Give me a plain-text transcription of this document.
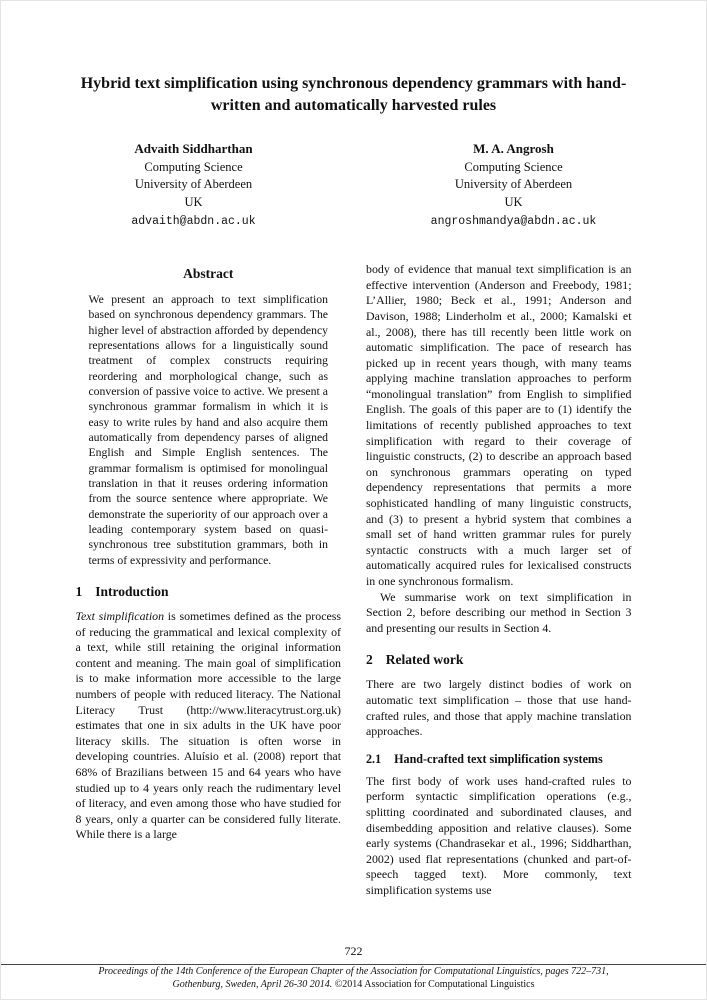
Hybrid text simplification using synchronous dependency grammars with hand-written and automatically harvested rules
Advaith Siddharthan
Computing Science
University of Aberdeen
UK
advaith@abdn.ac.uk
M. A. Angrosh
Computing Science
University of Aberdeen
UK
angroshmandya@abdn.ac.uk
Abstract

We present an approach to text simplification based on synchronous dependency grammars. The higher level of abstraction afforded by dependency representations allows for a linguistically sound treatment of complex constructs requiring reordering and morphological change, such as conversion of passive voice to active. We present a synchronous grammar formalism in which it is easy to write rules by hand and also acquire them automatically from dependency parses of aligned English and Simple English sentences. The grammar formalism is optimised for monolingual translation in that it reuses ordering information from the source sentence where appropriate. We demonstrate the superiority of our approach over a leading contemporary system based on quasi-synchronous tree substitution grammars, both in terms of expressivity and performance.

1 Introduction

Text simplification is sometimes defined as the process of reducing the grammatical and lexical complexity of a text, while still retaining the original information content and meaning. The main goal of simplification is to make information more accessible to the large numbers of people with reduced literacy. The National Literacy Trust (http://www.literacytrust.org.uk) estimates that one in six adults in the UK have poor literacy skills. The situation is often worse in developing countries. Aluísio et al. (2008) report that 68% of Brazilians between 15 and 64 years who have studied up to 4 years only reach the rudimentary level of literacy, and even among those who have studied for 8 years, only a quarter can be considered fully literate. While there is a large

body of evidence that manual text simplification is an effective intervention (Anderson and Freebody, 1981; L’Allier, 1980; Beck et al., 1991; Anderson and Davison, 1988; Linderholm et al., 2000; Kamalski et al., 2008), there has till recently been little work on automatic simplification. The pace of research has picked up in recent years though, with many teams applying machine translation approaches to perform “monolingual translation” from English to simplified English. The goals of this paper are to (1) identify the limitations of recently published approaches to text simplification with regard to their coverage of linguistic constructs, (2) to describe an approach based on synchronous grammars operating on typed dependency representations that permits a more sophisticated handling of many linguistic constructs, and (3) to present a hybrid system that combines a small set of hand written grammar rules for purely syntactic constructs with a much larger set of automatically acquired rules for lexicalised constructs in one synchronous formalism.

We summarise work on text simplification in Section 2, before describing our method in Section 3 and presenting our results in Section 4.

2 Related work

There are two largely distinct bodies of work on automatic text simplification – those that use hand-crafted rules, and those that apply machine translation approaches.

2.1 Hand-crafted text simplification systems

The first body of work uses hand-crafted rules to perform syntactic simplification operations (e.g., splitting coordinated and subordinated clauses, and disembedding apposition and relative clauses). Some early systems (Chandrasekar et al., 1996; Siddharthan, 2002) used flat representations (chunked and part-of-speech tagged text). More commonly, text simplification systems use

722
Proceedings of the 14th Conference of the European Chapter of the Association for Computational Linguistics, pages 722–731,
Gothenburg, Sweden, April 26-30 2014. ©2014 Association for Computational Linguistics
